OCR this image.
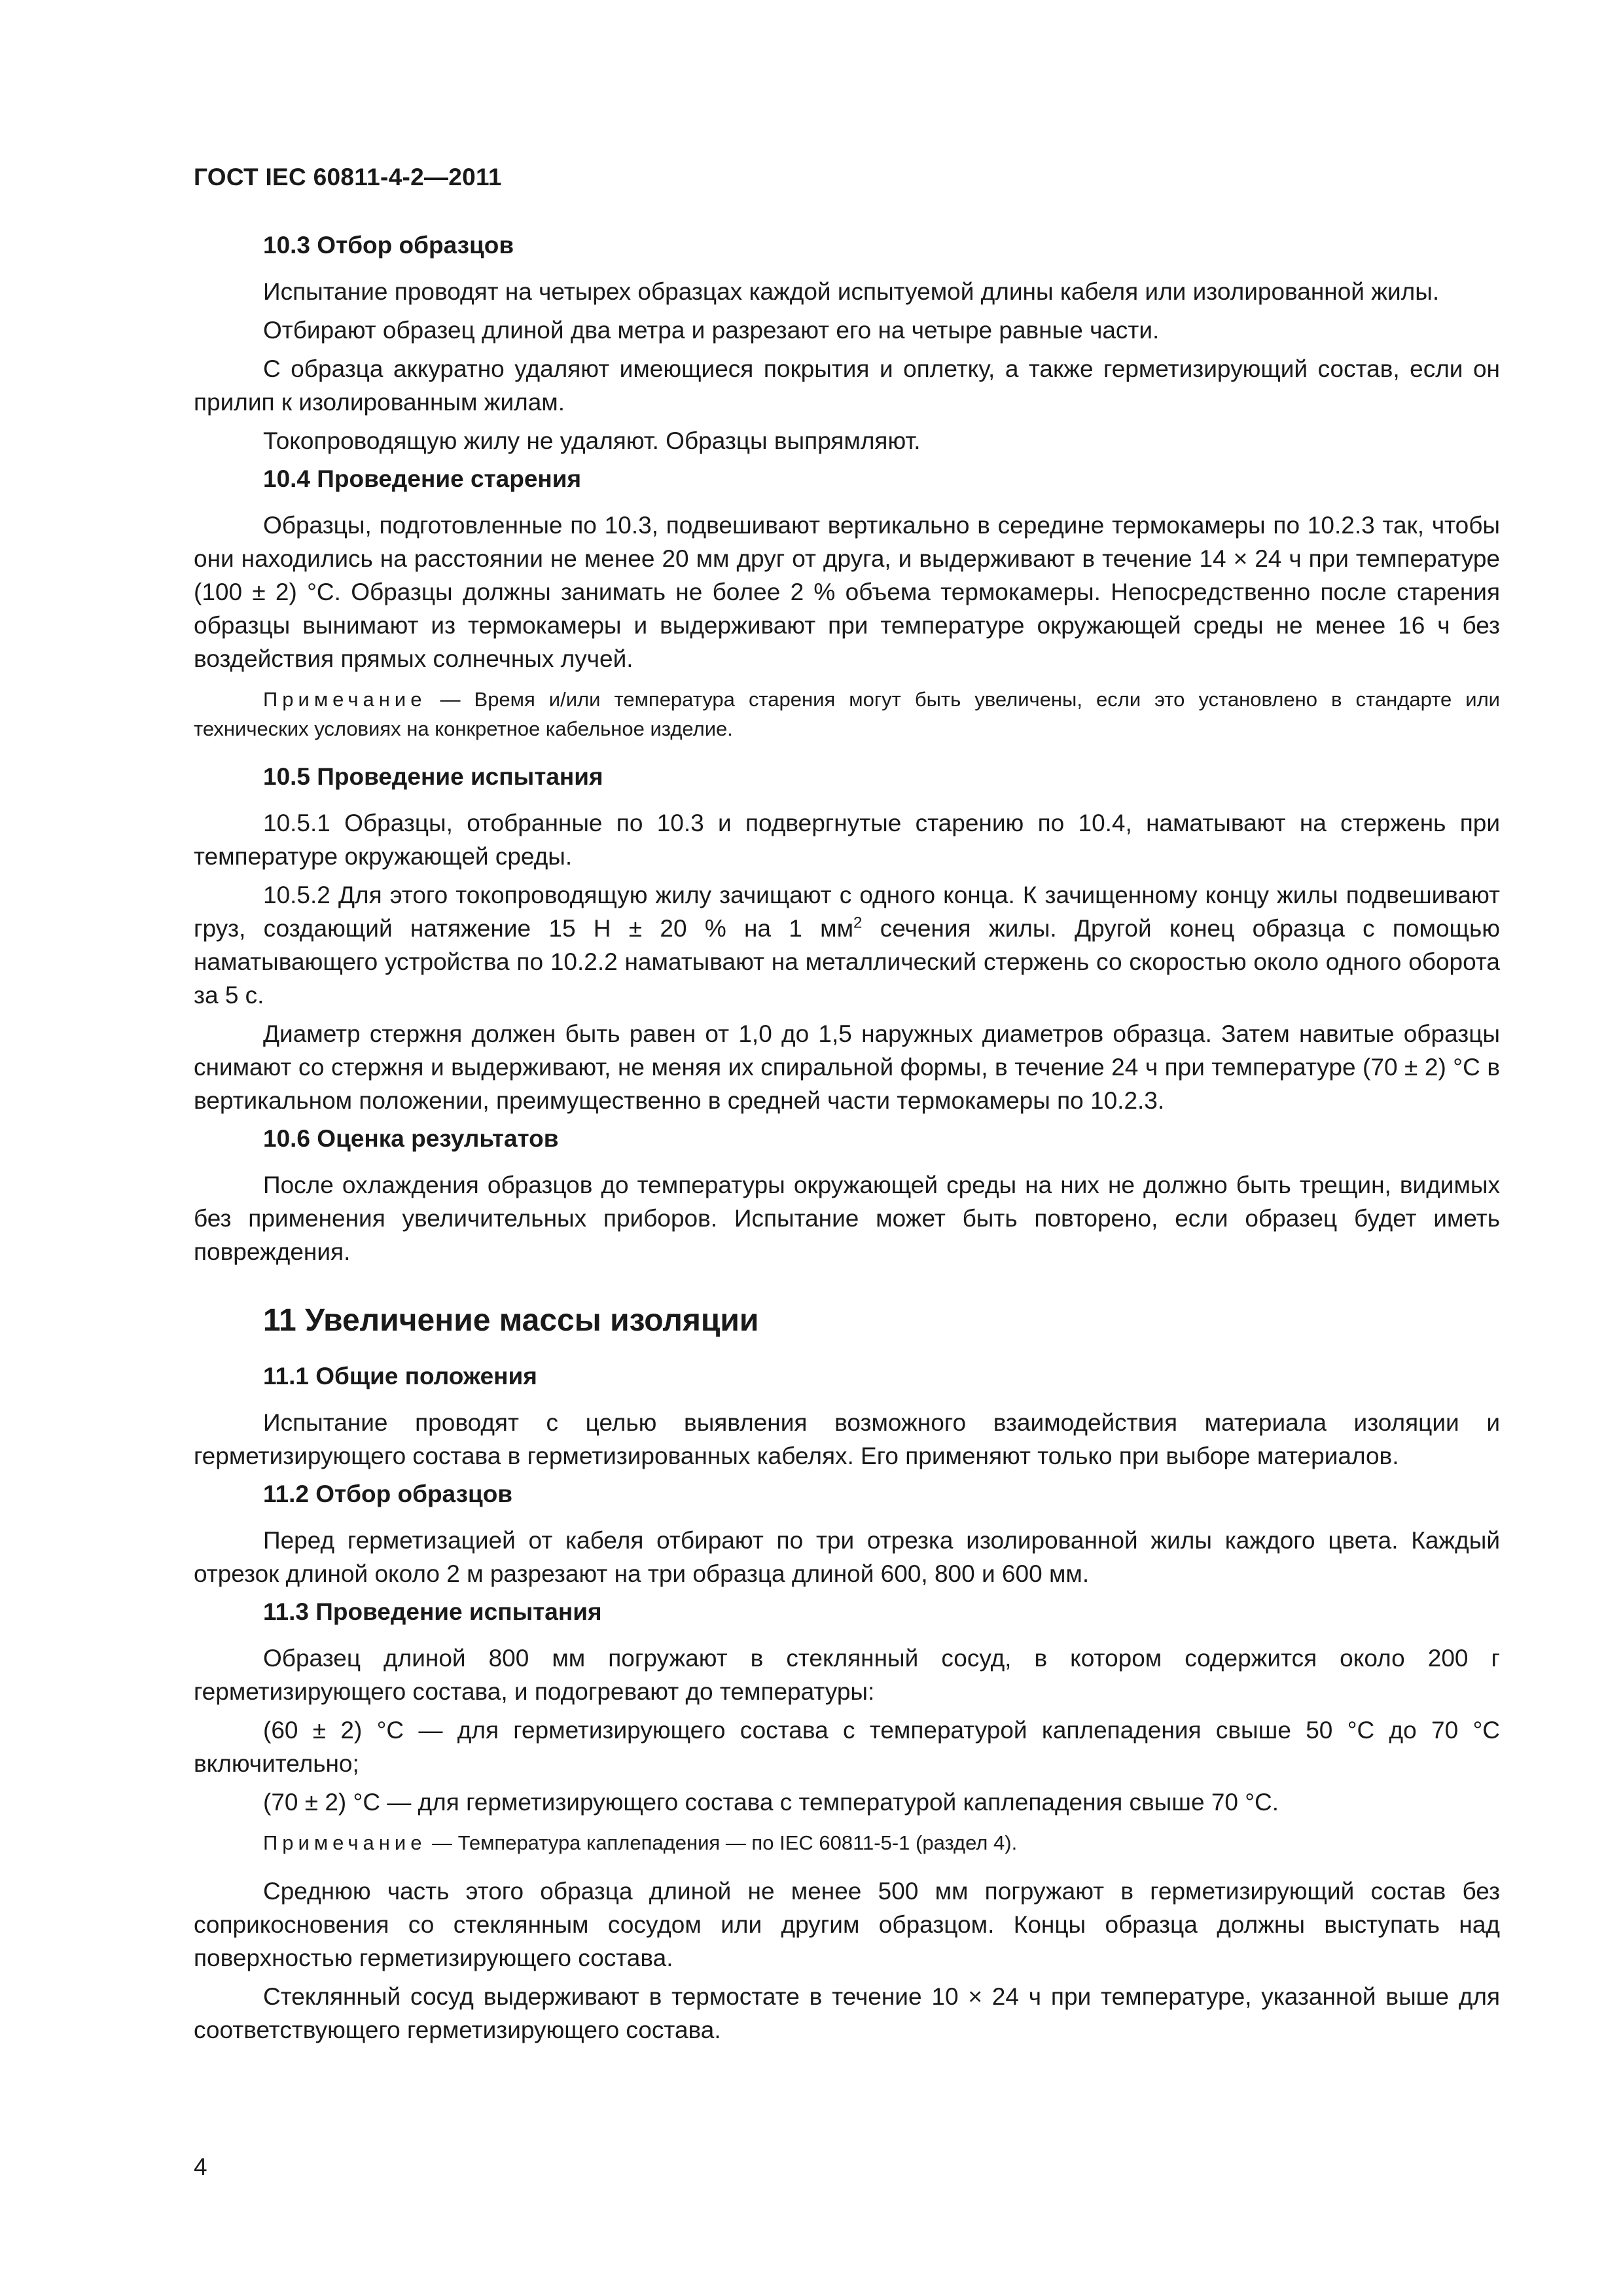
ГОСТ IEC 60811-4-2—2011
10.3 Отбор образцов

Испытание проводят на четырех образцах каждой испытуемой длины кабеля или изолированной жилы.

Отбирают образец длиной два метра и разрезают его на четыре равные части.

С образца аккуратно удаляют имеющиеся покрытия и оплетку, а также герметизирующий состав, если он прилип к изолированным жилам.

Токопроводящую жилу не удаляют. Образцы выпрямляют.

10.4 Проведение старения

Образцы, подготовленные по 10.3, подвешивают вертикально в середине термокамеры по 10.2.3 так, чтобы они находились на расстоянии не менее 20 мм друг от друга, и выдерживают в течение 14 × 24 ч при температуре (100 ± 2) °С. Образцы должны занимать не более 2 % объема термокамеры. Непосредственно после старения образцы вынимают из термокамеры и выдерживают при температуре окружающей среды не менее 16 ч без воздействия прямых солнечных лучей.

Примечание — Время и/или температура старения могут быть увеличены, если это установлено в стандарте или технических условиях на конкретное кабельное изделие.

10.5 Проведение испытания

10.5.1 Образцы, отобранные по 10.3 и подвергнутые старению по 10.4, наматывают на стержень при температуре окружающей среды.

10.5.2 Для этого токопроводящую жилу зачищают с одного конца. К зачищенному концу жилы подвешивают груз, создающий натяжение 15 Н ± 20 % на 1 $мм^2$ сечения жилы. Другой конец образца с помощью наматывающего устройства по 10.2.2 наматывают на металлический стержень со скоростью около одного оборота за 5 с.

Диаметр стержня должен быть равен от 1,0 до 1,5 наружных диаметров образца. Затем навитые образцы снимают со стержня и выдерживают, не меняя их спиральной формы, в течение 24 ч при температуре (70 ± 2) °С в вертикальном положении, преимущественно в средней части термокамеры по 10.2.3.

10.6 Оценка результатов

После охлаждения образцов до температуры окружающей среды на них не должно быть трещин, видимых без применения увеличительных приборов. Испытание может быть повторено, если образец будет иметь повреждения.

11 Увеличение массы изоляции
11.1 Общие положения

Испытание проводят с целью выявления возможного взаимодействия материала изоляции и герметизирующего состава в герметизированных кабелях. Его применяют только при выборе материалов.

11.2 Отбор образцов

Перед герметизацией от кабеля отбирают по три отрезка изолированной жилы каждого цвета. Каждый отрезок длиной около 2 м разрезают на три образца длиной 600, 800 и 600 мм.

11.3 Проведение испытания

Образец длиной 800 мм погружают в стеклянный сосуд, в котором содержится около 200 г герметизирующего состава, и подогревают до температуры:

(60 ± 2) °С — для герметизирующего состава с температурой каплепадения свыше 50 °С до 70 °С включительно;

(70 ± 2) °С — для герметизирующего состава с температурой каплепадения свыше 70 °С.

Примечание — Температура каплепадения — по IEC 60811-5-1 (раздел 4).

Среднюю часть этого образца длиной не менее 500 мм погружают в герметизирующий состав без соприкосновения со стеклянным сосудом или другим образцом. Концы образца должны выступать над поверхностью герметизирующего состава.

Стеклянный сосуд выдерживают в термостате в течение 10 × 24 ч при температуре, указанной выше для соответствующего герметизирующего состава.

4
